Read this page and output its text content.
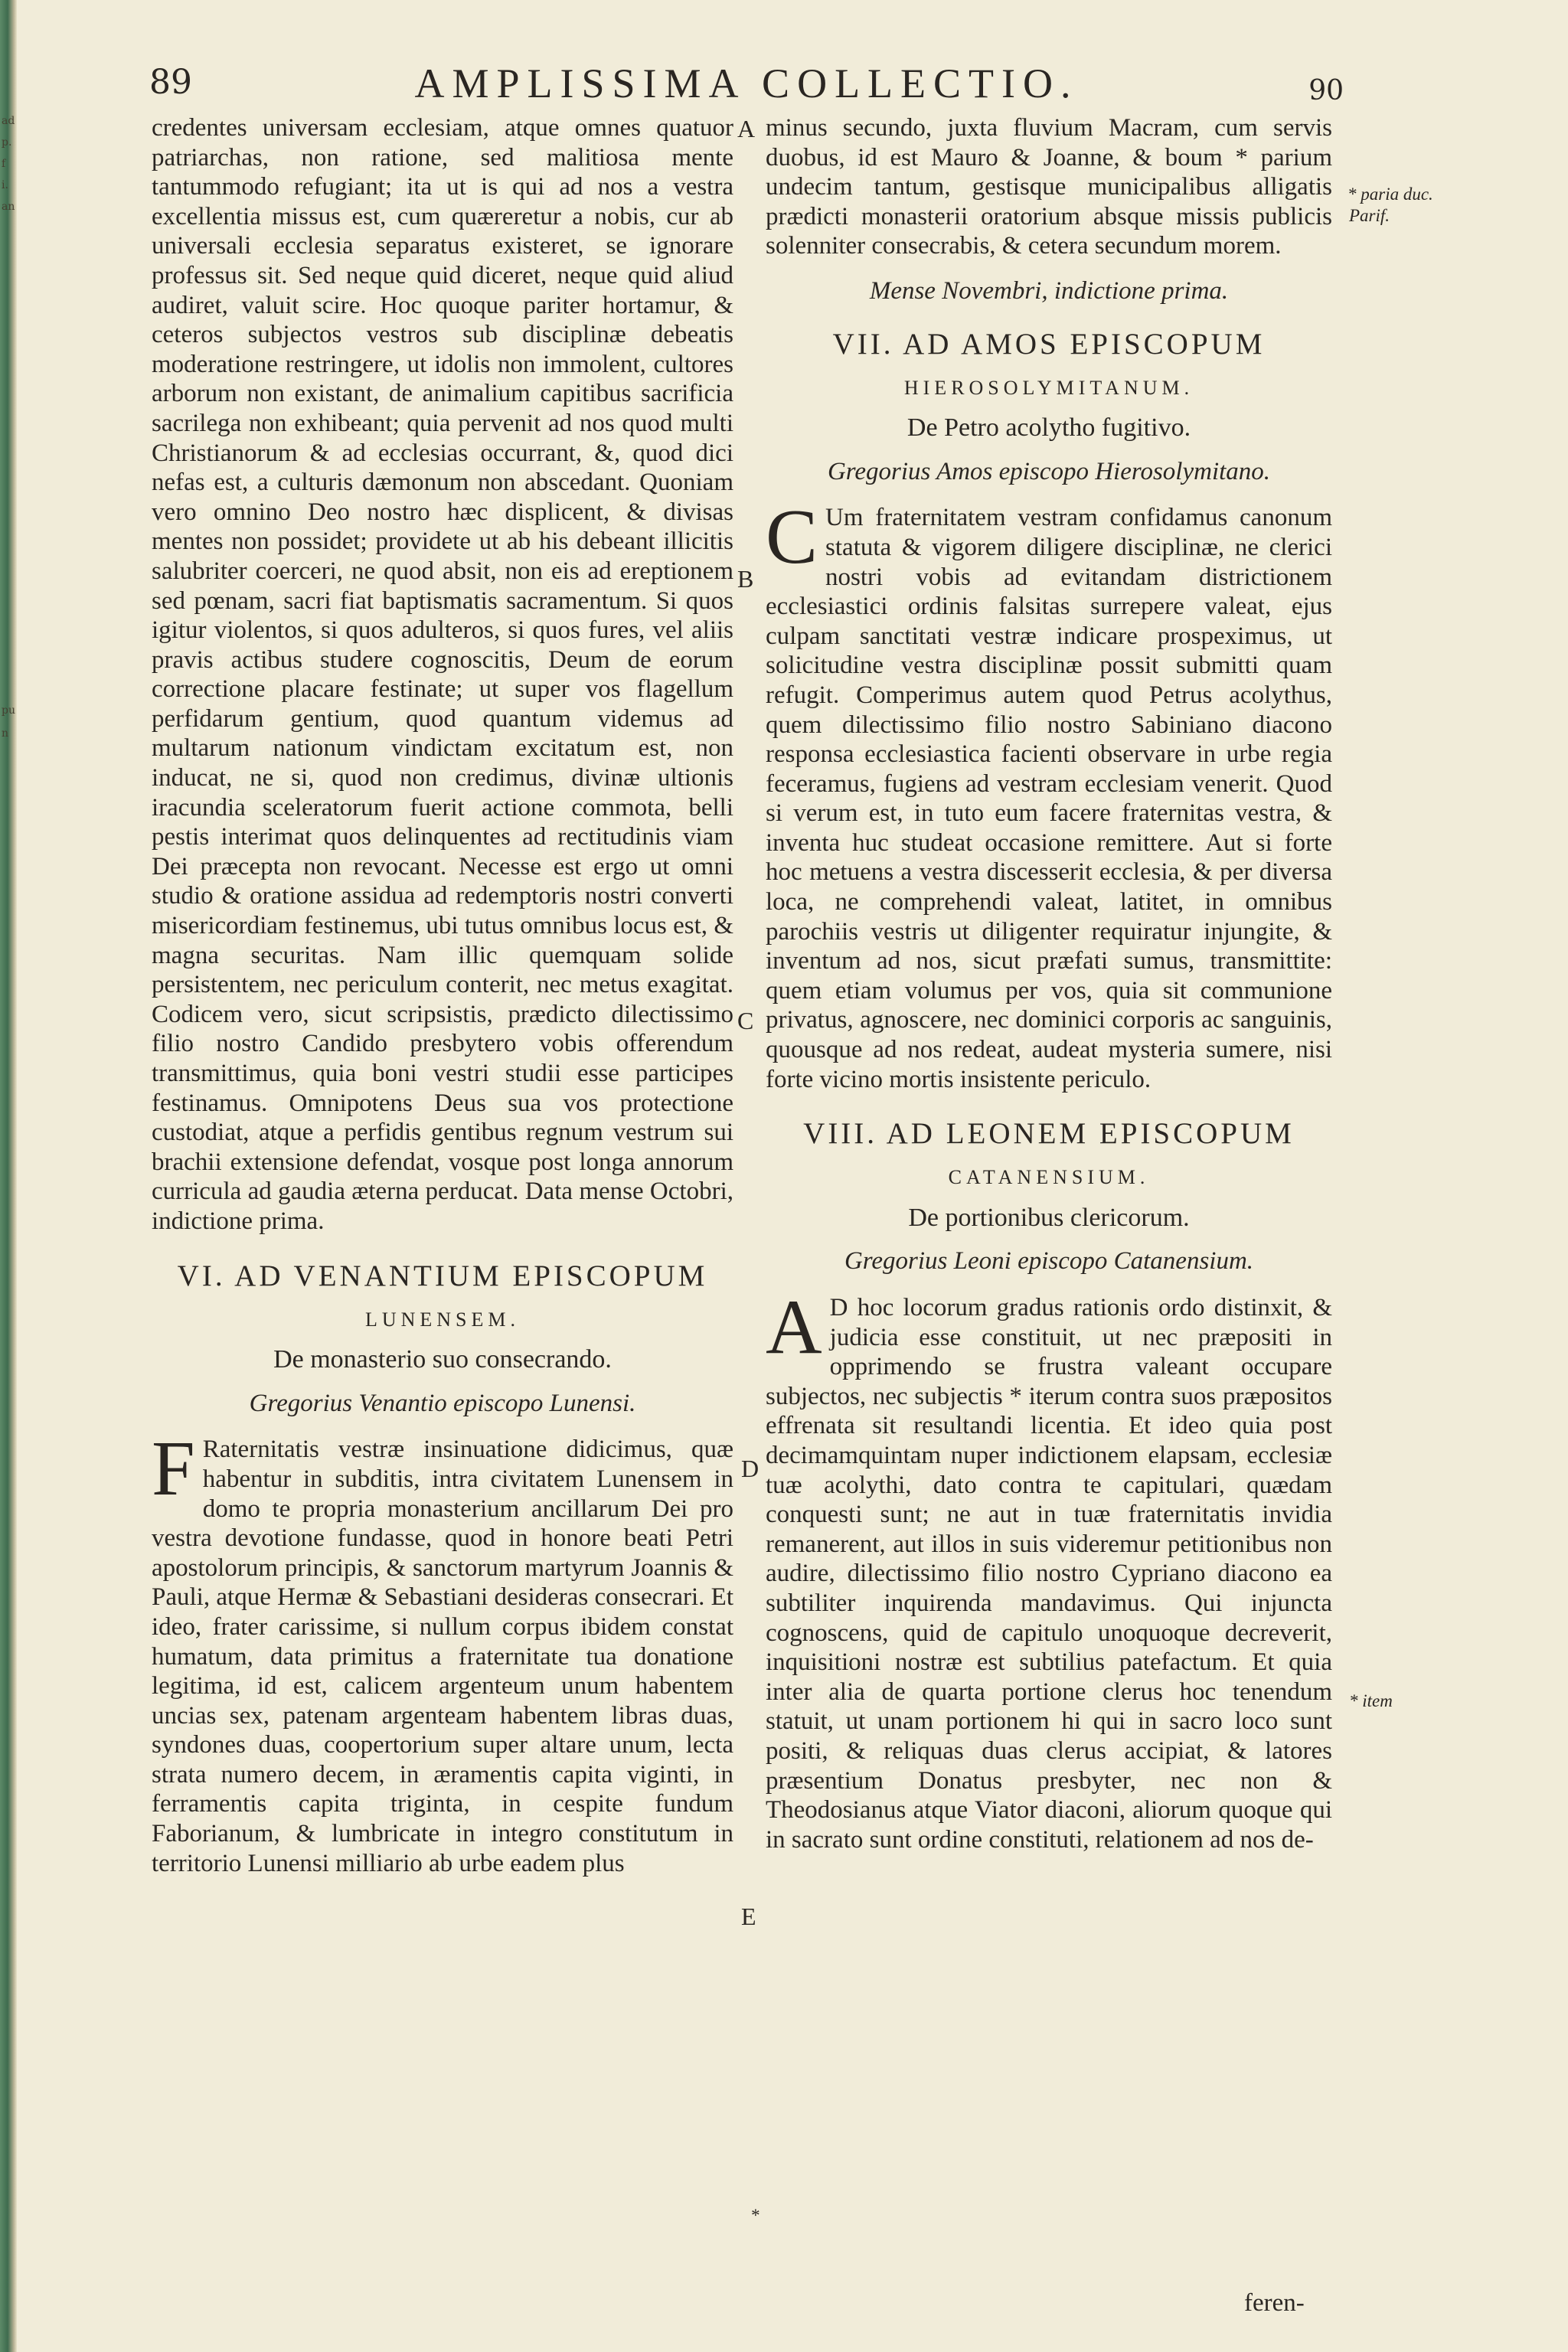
ad
p.
f
i.
an
pu
n
89	AMPLISSIMA COLLECTIO.	90

credentes universam ecclesiam, atque omnes quatuor patriarchas, non ratione, sed malitiosa mente tantummodo refugiant; ita ut is qui ad nos a vestra excellentia missus est, cum quæreretur a nobis, cur ab universali ecclesia separatus existeret, se ignorare professus sit. Sed neque quid diceret, neque quid aliud audiret, valuit scire. Hoc quoque pariter hortamur, & ceteros subjectos vestros sub disciplinæ debeatis moderatione restringere, ut idolis non immolent, cultores arborum non existant, de animalium capitibus sacrificia sacrilega non exhibeant; quia pervenit ad nos quod multi Christianorum & ad ecclesias occurrant, &, quod dici nefas est, a culturis dæmonum non abscedant. Quoniam vero omnino Deo nostro hæc displicent, & divisas mentes non possidet; providete ut ab his debeant illicitis salubriter coerceri, ne quod absit, non eis ad ereptionem sed pœnam, sacri fiat baptismatis sacramentum. Si quos igitur violentos, si quos adulteros, si quos fures, vel aliis pravis actibus studere cognoscitis, Deum de eorum correctione placare festinate; ut super vos flagellum perfidarum gentium, quod quantum videmus ad multarum nationum vindictam excitatum est, non inducat, ne si, quod non credimus, divinæ ultionis iracundia sceleratorum fuerit actione commota, belli pestis interimat quos delinquentes ad rectitudinis viam Dei præcepta non revocant. Necesse est ergo ut omni studio & oratione assidua ad redemptoris nostri converti misericordiam festinemus, ubi tutus omnibus locus est, & magna securitas. Nam illic quemquam solide persistentem, nec periculum conterit, nec metus exagitat. Codicem vero, sicut scripsistis, prædicto dilectissimo filio nostro Candido presbytero vobis offerendum transmittimus, quia boni vestri studii esse participes festinamus. Omnipotens Deus sua vos protectione custodiat, atque a perfidis gentibus regnum vestrum sui brachii extensione defendat, vosque post longa annorum curricula ad gaudia æterna perducat. Data mense Octobri, indictione prima.

VI. AD VENANTIUM EPISCOPUM
LUNENSEM.
De monasterio suo consecrando.
Gregorius Venantio episcopo Lunensi.

F Raternitatis vestræ insinuatione didicimus, quæ habentur in subditis, intra civitatem Lunensem in domo te propria monasterium ancillarum Dei pro vestra devotione fundasse, quod in honore beati Petri apostolorum principis, & sanctorum martyrum Joannis & Pauli, atque Hermæ & Sebastiani desideras consecrari. Et ideo, frater carissime, si nullum corpus ibidem constat humatum, data primitus a fraternitate tua donatione legitima, id est, calicem argenteum unum habentem uncias sex, patenam argenteam habentem libras duas, syndones duas, coopertorium super altare unum, lecta strata numero decem, in æramentis capita viginti, in ferramentis capita triginta, in cespite fundum Faborianum, & lumbricate in integro constitutum in territorio Lunensi milliario ab urbe eadem plus

minus secundo, juxta fluvium Macram, cum servis duobus, id est Mauro & Joanne, & boum * parium undecim tantum, gestisque municipalibus alligatis prædicti monasterii oratorium absque missis publicis solenniter consecrabis, & cetera secundum morem.

Mense Novembri, indictione prima.
VII. AD AMOS EPISCOPUM
HIEROSOLYMITANUM.
De Petro acolytho fugitivo.
Gregorius Amos episcopo Hierosolymitano.

C Um fraternitatem vestram confidamus canonum statuta & vigorem diligere disciplinæ, ne clerici nostri vobis ad evitandam districtionem ecclesiastici ordinis falsitas surrepere valeat, ejus culpam sanctitati vestræ indicare prospeximus, ut solicitudine vestra disciplinæ possit submitti quam refugit. Comperimus autem quod Petrus acolythus, quem dilectissimo filio nostro Sabiniano diacono responsa ecclesiastica facienti observare in urbe regia feceramus, fugiens ad vestram ecclesiam venerit. Quod si verum est, in tuto eum facere fraternitas vestra, & inventa huc studeat occasione remittere. Aut si forte hoc metuens a vestra discesserit ecclesia, & per diversa loca, ne comprehendi valeat, latitet, in omnibus parochiis vestris ut diligenter requiratur injungite, & inventum ad nos, sicut præfati sumus, transmittite: quem etiam volumus per vos, quia sit communione privatus, agnoscere, nec dominici corporis ac sanguinis, quousque ad nos redeat, audeat mysteria sumere, nisi forte vicino mortis insistente periculo.

VIII. AD LEONEM EPISCOPUM
CATANENSIUM.
De portionibus clericorum.
Gregorius Leoni episcopo Catanensium.

A D hoc locorum gradus rationis ordo distinxit, & judicia esse constituit, ut nec præpositi in opprimendo se frustra valeant occupare subjectos, nec subjectis * iterum contra suos præpositos effrenata sit resultandi licentia. Et ideo quia post decimamquintam nuper indictionem elapsam, ecclesiæ tuæ acolythi, dato contra te capitulari, quædam conquesti sunt; ne aut in tuæ fraternitatis invidia remanerent, aut illos in suis videremur petitionibus non audire, dilectissimo filio nostro Cypriano diacono ea subtiliter inquirenda mandavimus. Qui injuncta cognoscens, quid de capitulo unoquoque decreverit, inquisitioni nostræ est subtilius patefactum. Et quia inter alia de quarta portione clerus hoc tenendum statuit, ut unam portionem hi qui in sacro loco sunt positi, & reliquas duas clerus accipiat, & latores præsentium Donatus presbyter, nec non & Theodosianus atque Viator diaconi, aliorum quoque qui in sacrato sunt ordine constituti, relationem ad nos de-

feren-
A
B
C
D
E
* paria duc.
Parif.
* item
*
